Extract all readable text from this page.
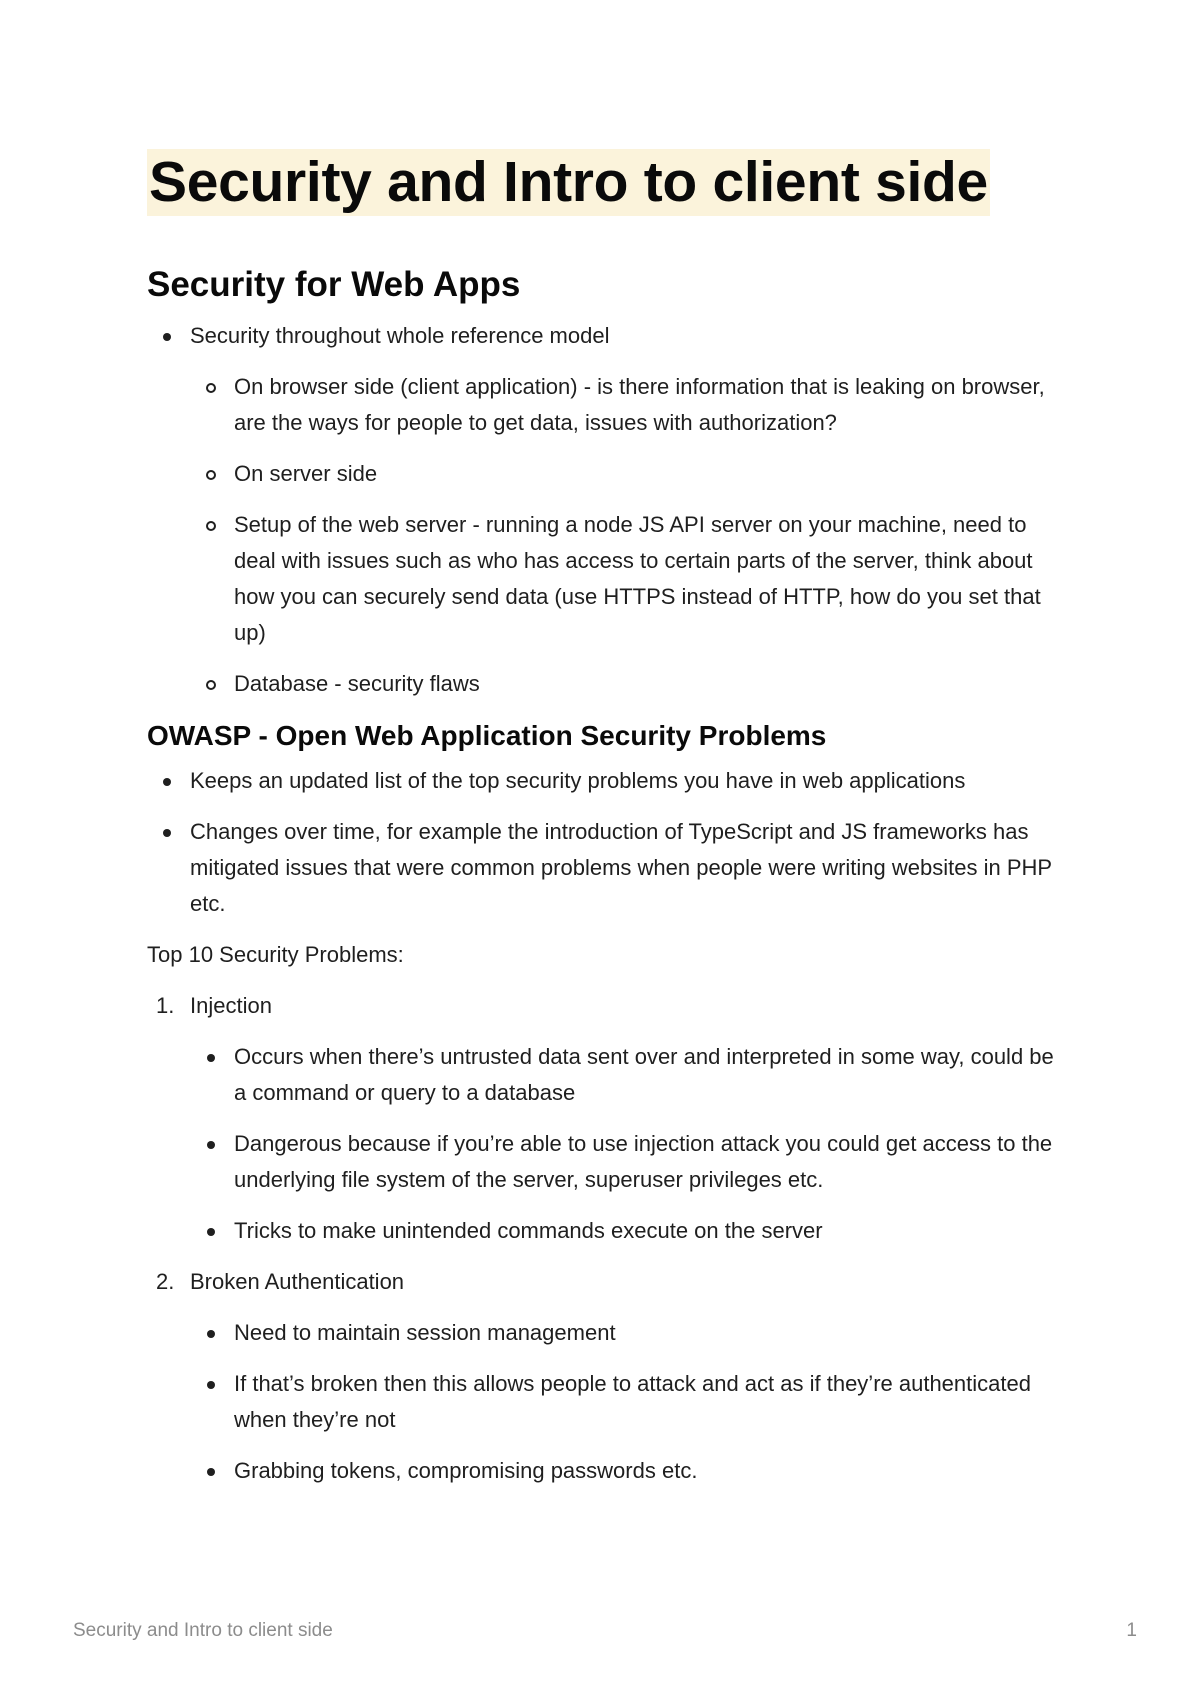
Security and Intro to client side
Security for Web Apps
Security throughout whole reference model
On browser side (client application) - is there information that is leaking on browser, are the ways for people to get data, issues with authorization?
On server side
Setup of the web server - running a node JS API server on your machine, need to deal with issues such as who has access to certain parts of the server, think about how you can securely send data (use HTTPS instead of HTTP, how do you set that up)
Database - security flaws
OWASP - Open Web Application Security Problems
Keeps an updated list of the top security problems you have in web applications
Changes over time, for example the introduction of TypeScript and JS frameworks has mitigated issues that were common problems when people were writing websites in PHP etc.

Top 10 Security Problems:

1. Injection
Occurs when there’s untrusted data sent over and interpreted in some way, could be a command or query to a database
Dangerous because if you’re able to use injection attack you could get access to the underlying file system of the server, superuser privileges etc.
Tricks to make unintended commands execute on the server
2. Broken Authentication
Need to maintain session management
If that’s broken then this allows people to attack and act as if they’re authenticated when they’re not
Grabbing tokens, compromising passwords etc.
Security and Intro to client side	1
